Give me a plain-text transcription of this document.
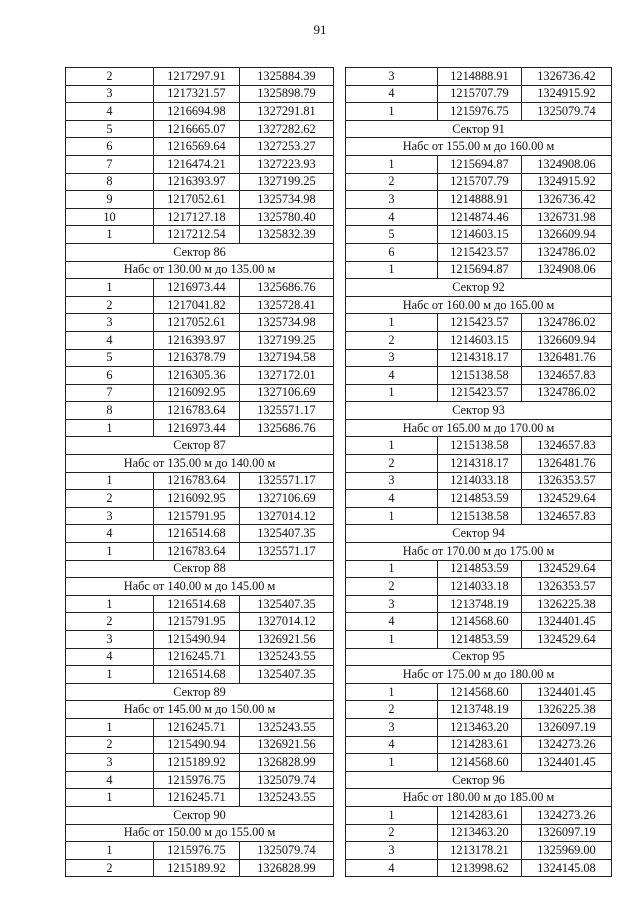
91
2	1217297.91	1325884.39
3	1217321.57	1325898.79
4	1216694.98	1327291.81
5	1216665.07	1327282.62
6	1216569.64	1327253.27
7	1216474.21	1327223.93
8	1216393.97	1327199.25
9	1217052.61	1325734.98
10	1217127.18	1325780.40
1	1217212.54	1325832.39
Сектор 86		
Набс от 130.00 м до 135.00 м		
1	1216973.44	1325686.76
2	1217041.82	1325728.41
3	1217052.61	1325734.98
4	1216393.97	1327199.25
5	1216378.79	1327194.58
6	1216305.36	1327172.01
7	1216092.95	1327106.69
8	1216783.64	1325571.17
1	1216973.44	1325686.76
Сектор 87		
Набс от 135.00 м до 140.00 м		
1	1216783.64	1325571.17
2	1216092.95	1327106.69
3	1215791.95	1327014.12
4	1216514.68	1325407.35
1	1216783.64	1325571.17
Сектор 88		
Набс от 140.00 м до 145.00 м		
1	1216514.68	1325407.35
2	1215791.95	1327014.12
3	1215490.94	1326921.56
4	1216245.71	1325243.55
1	1216514.68	1325407.35
Сектор 89		
Набс от 145.00 м до 150.00 м		
1	1216245.71	1325243.55
2	1215490.94	1326921.56
3	1215189.92	1326828.99
4	1215976.75	1325079.74
1	1216245.71	1325243.55
Сектор 90		
Набс от 150.00 м до 155.00 м		
1	1215976.75	1325079.74
2	1215189.92	1326828.99
3	1214888.91	1326736.42
4	1215707.79	1324915.92
1	1215976.75	1325079.74
Сектор 91		
Набс от 155.00 м до 160.00 м		
1	1215694.87	1324908.06
2	1215707.79	1324915.92
3	1214888.91	1326736.42
4	1214874.46	1326731.98
5	1214603.15	1326609.94
6	1215423.57	1324786.02
1	1215694.87	1324908.06
Сектор 92		
Набс от 160.00 м до 165.00 м		
1	1215423.57	1324786.02
2	1214603.15	1326609.94
3	1214318.17	1326481.76
4	1215138.58	1324657.83
1	1215423.57	1324786.02
Сектор 93		
Набс от 165.00 м до 170.00 м		
1	1215138.58	1324657.83
2	1214318.17	1326481.76
3	1214033.18	1326353.57
4	1214853.59	1324529.64
1	1215138.58	1324657.83
Сектор 94		
Набс от 170.00 м до 175.00 м		
1	1214853.59	1324529.64
2	1214033.18	1326353.57
3	1213748.19	1326225.38
4	1214568.60	1324401.45
1	1214853.59	1324529.64
Сектор 95		
Набс от 175.00 м до 180.00 м		
1	1214568.60	1324401.45
2	1213748.19	1326225.38
3	1213463.20	1326097.19
4	1214283.61	1324273.26
1	1214568.60	1324401.45
Сектор 96		
Набс от 180.00 м до 185.00 м		
1	1214283.61	1324273.26
2	1213463.20	1326097.19
3	1213178.21	1325969.00
4	1213998.62	1324145.08
